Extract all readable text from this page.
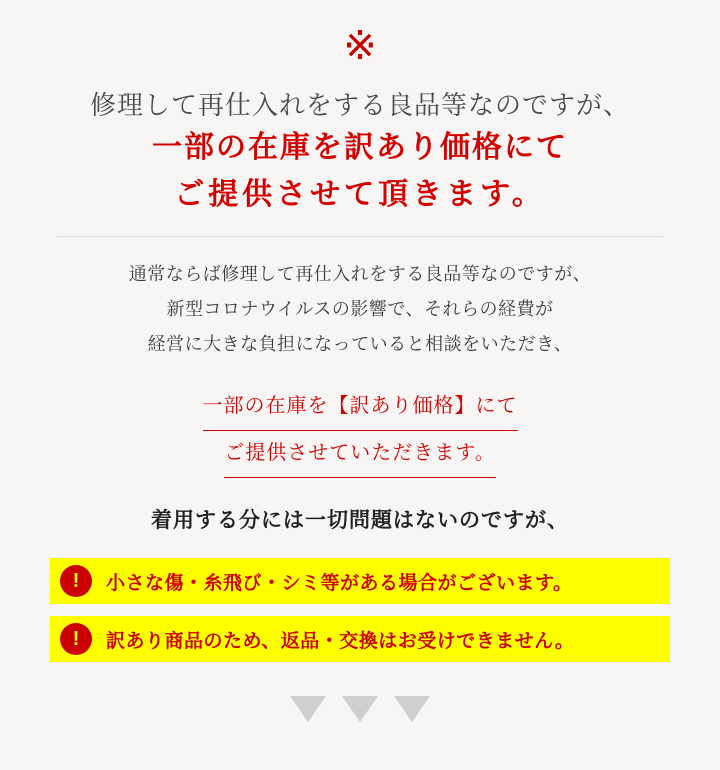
※
修理して再仕入れをする良品等なのですが、
一部の在庫を訳あり価格にて
ご提供させて頂きます。
通常ならば修理して再仕入れをする良品等なのですが、
新型コロナウイルスの影響で、それらの経費が
経営に大きな負担になっていると相談をいただき、
一部の在庫を【訳あり価格】にて
ご提供させていただきます。
着用する分には一切問題はないのですが、
!	小さな傷・糸飛び・シミ等がある場合がございます。
!	訳あり商品のため、返品・交換はお受けできません。
